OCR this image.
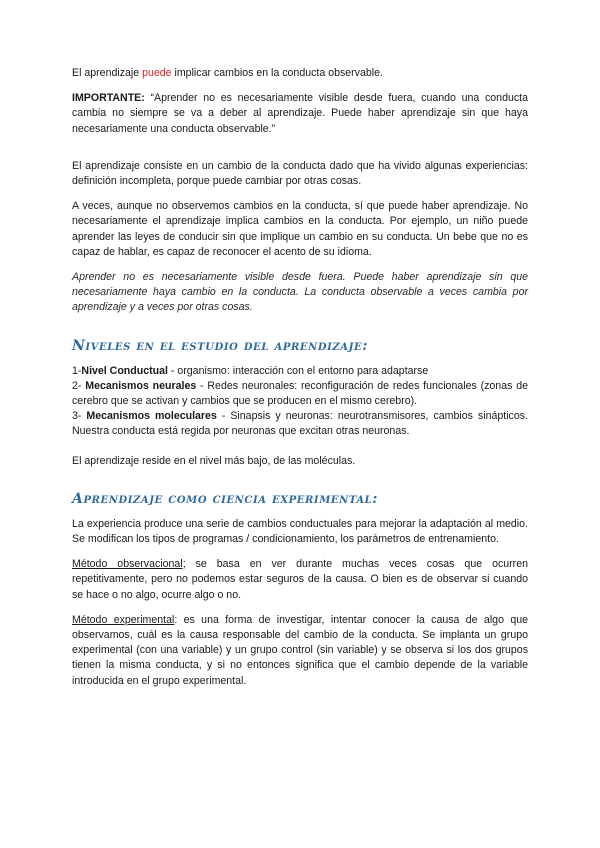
El aprendizaje puede implicar cambios en la conducta observable.

IMPORTANTE: “Aprender no es necesariamente visible desde fuera, cuando una conducta cambia no siempre se va a deber al aprendizaje. Puede haber aprendizaje sin que haya necesariamente una conducta observable.”

El aprendizaje consiste en un cambio de la conducta dado que ha vivido algunas experiencias: definición incompleta, porque puede cambiar por otras cosas.

A veces, aunque no observemos cambios en la conducta, sí que puede haber aprendizaje. No necesariamente el aprendizaje implica cambios en la conducta. Por ejemplo, un niño puede aprender las leyes de conducir sin que implique un cambio en su conducta. Un bebe que no es capaz de hablar, es capaz de reconocer el acento de su idioma.

Aprender no es necesariamente visible desde fuera. Puede haber aprendizaje sin que necesariamente haya cambio en la conducta. La conducta observable a veces cambia por aprendizaje y a veces por otras cosas.

Niveles en el estudio del aprendizaje:

1-Nivel Conductual - organismo: interacción con el entorno para adaptarse

2- Mecanismos neurales - Redes neuronales: reconfiguración de redes funcionales (zonas de cerebro que se activan y cambios que se producen en el mismo cerebro).

3- Mecanismos moleculares - Sinapsis y neuronas: neurotransmisores, cambios sinápticos. Nuestra conducta está regida por neuronas que excitan otras neuronas.

El aprendizaje reside en el nivel más bajo, de las moléculas.

Aprendizaje como ciencia experimental:

La experiencia produce una serie de cambios conductuales para mejorar la adaptación al medio. Se modifican los tipos de programas / condicionamiento, los parámetros de entrenamiento.

Método observacional; se basa en ver durante muchas veces cosas que ocurren repetitivamente, pero no podemos estar seguros de la causa. O bien es de observar si cuando se hace o no algo, ocurre algo o no.

Método experimental: es una forma de investigar, intentar conocer la causa de algo que observamos, cuál es la causa responsable del cambio de la conducta. Se implanta un grupo experimental (con una variable) y un grupo control (sin variable) y se observa si los dos grupos tienen la misma conducta, y si no entonces significa que el cambio depende de la variable introducida en el grupo experimental.
